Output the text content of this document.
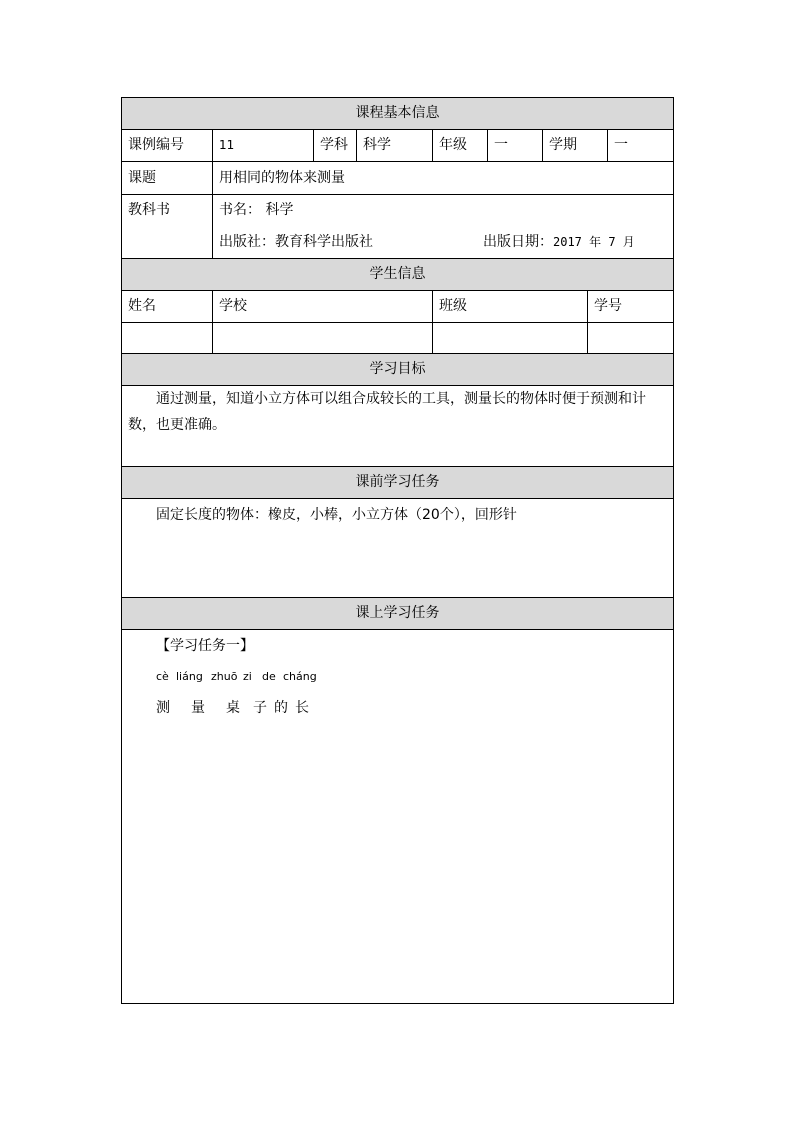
课程基本信息
课例编号	11	学科	科学	年级	一	学期	一
课题	用相同的物体来测量
教科书	书名： 科学
出版社：教育科学出版社	出版日期：2017 年 7 月
学生信息
姓名	学校	班级	学号
学习目标
通过测量，知道小立方体可以组合成较长的工具，测量长的物体时便于预测和计数，也更准确。
课前学习任务
固定长度的物体：橡皮，小棒，小立方体（20个），回形针
课上学习任务
【学习任务一】
cè liáng zhuō zi de cháng
测 量 桌 子 的 长
